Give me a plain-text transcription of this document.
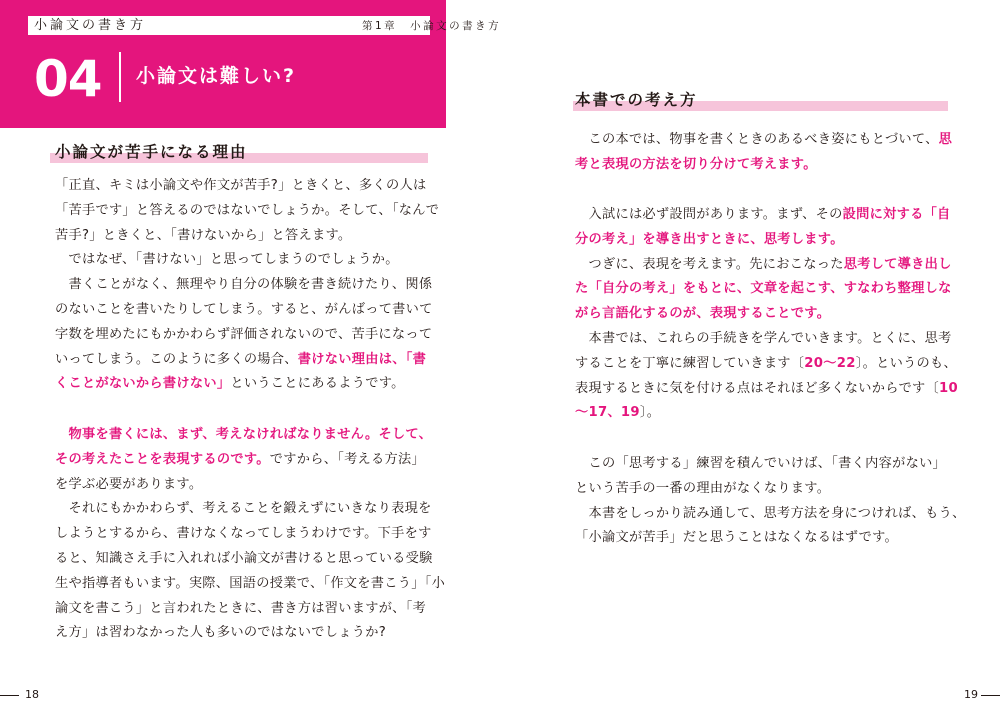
小論文の書き方
04 小論文は難しい?
小論文が苦手になる理由
「正直、キミは小論文や作文が苦手?」ときくと、多くの人は
「苦手です」と答えるのではないでしょうか。そして、「なんで
苦手?」ときくと、「書けないから」と答えます。
　ではなぜ、「書けない」と思ってしまうのでしょうか。
　書くことがなく、無理やり自分の体験を書き続けたり、関係
のないことを書いたりしてしまう。すると、がんばって書いて
字数を埋めたにもかかわらず評価されないので、苦手になって
いってしまう。このように多くの場合、書けない理由は、「書
くことがないから書けない」ということにあるようです。
　物事を書くには、まず、考えなければなりません。そして、
その考えたことを表現するのです。ですから、「考える方法」
を学ぶ必要があります。
　それにもかかわらず、考えることを鍛えずにいきなり表現を
しようとするから、書けなくなってしまうわけです。下手をす
ると、知識さえ手に入れれば小論文が書けると思っている受験
生や指導者もいます。実際、国語の授業で、「作文を書こう」「小
論文を書こう」と言われたときに、書き方は習いますが、「考
え方」は習わなかった人も多いのではないでしょうか?
18
第1章　小論文の書き方
本書での考え方
　この本では、物事を書くときのあるべき姿にもとづいて、思
考と表現の方法を切り分けて考えます。
　入試には必ず設問があります。まず、その設問に対する「自
分の考え」を導き出すときに、思考します。
　つぎに、表現を考えます。先におこなった思考して導き出し
た「自分の考え」をもとに、文章を起こす、すなわち整理しな
がら言語化するのが、表現することです。
　本書では、これらの手続きを学んでいきます。とくに、思考
することを丁寧に練習していきます〔20〜22〕。というのも、
表現するときに気を付ける点はそれほど多くないからです〔10
〜17、19〕。
　この「思考する」練習を積んでいけば、「書く内容がない」
という苦手の一番の理由がなくなります。
　本書をしっかり読み通して、思考方法を身につければ、もう、
「小論文が苦手」だと思うことはなくなるはずです。
19
